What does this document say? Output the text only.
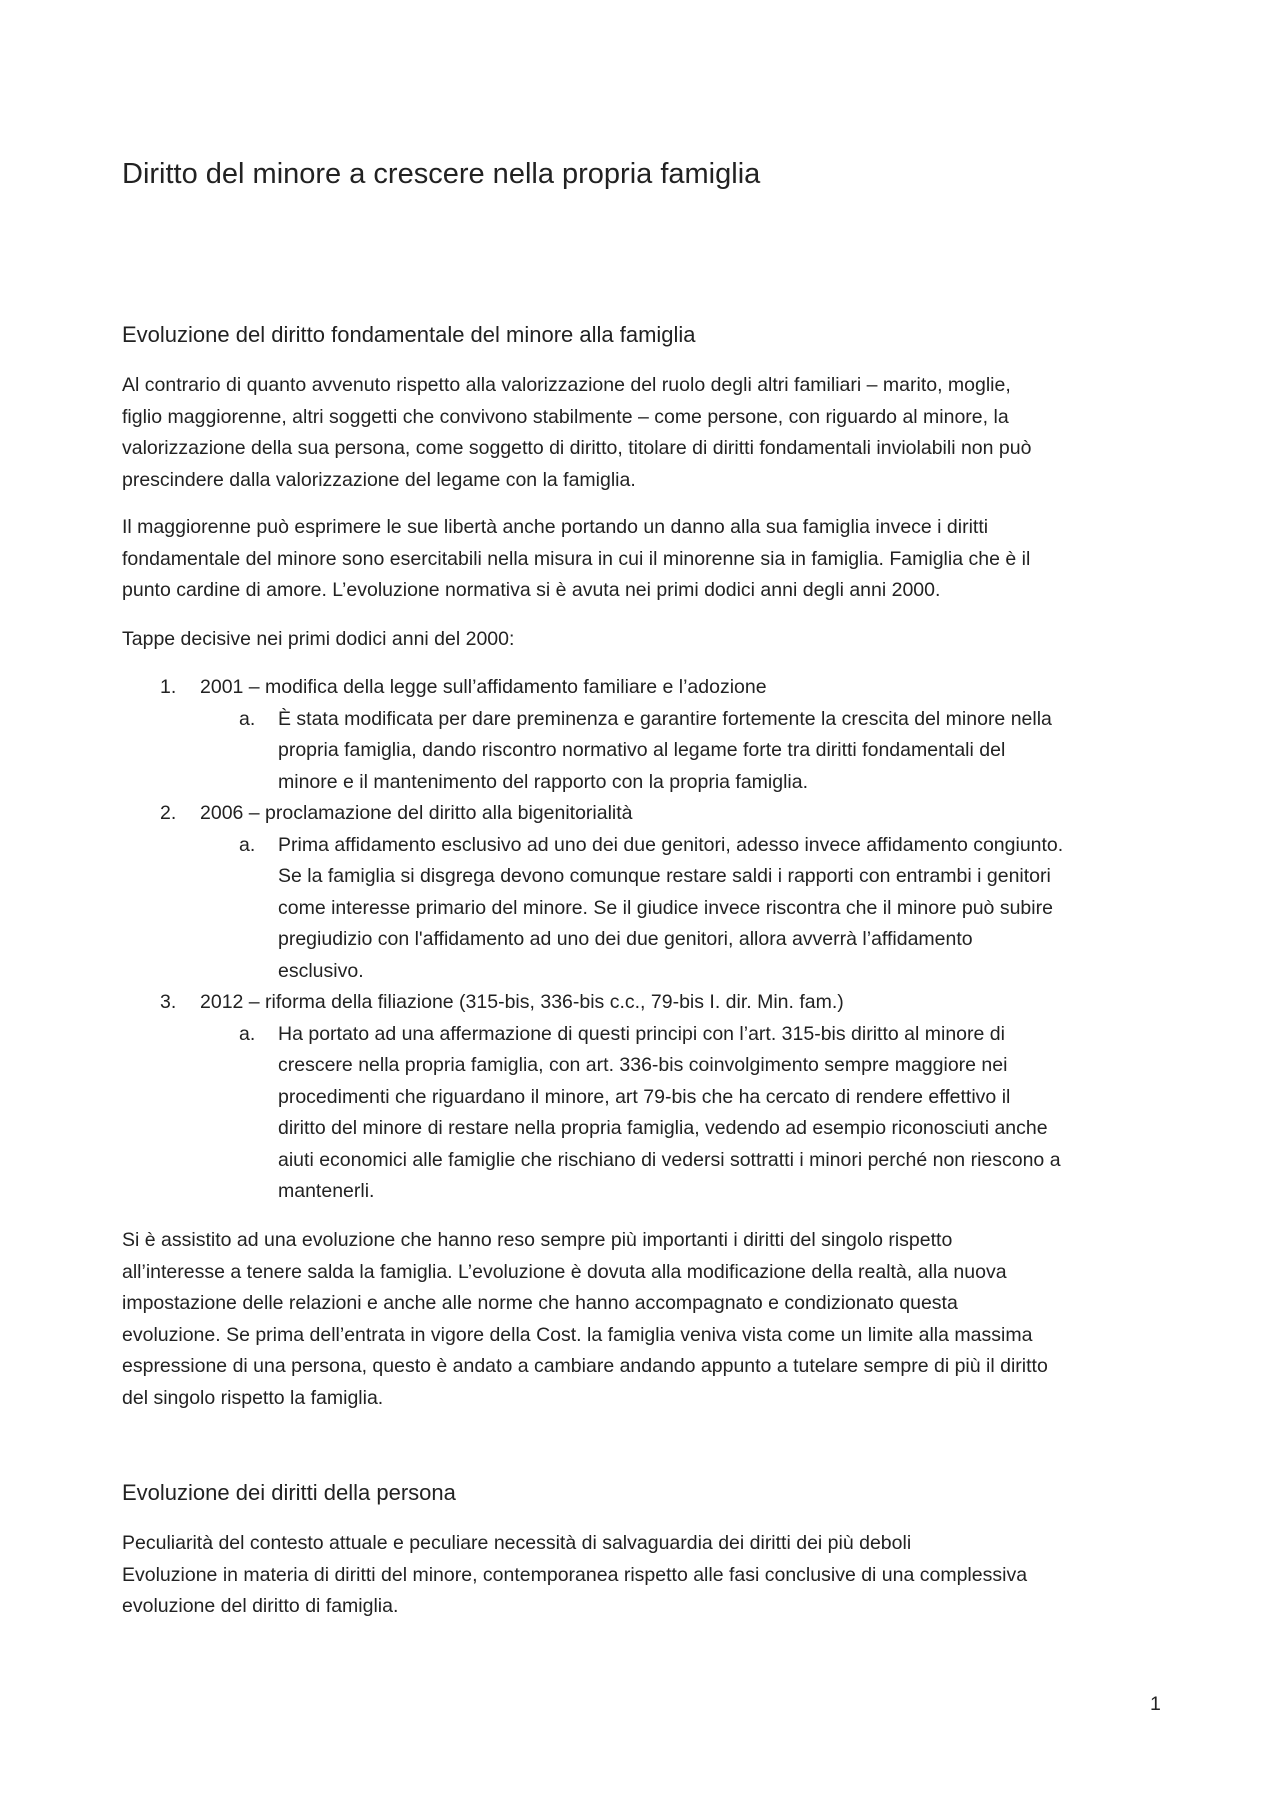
Diritto del minore a crescere nella propria famiglia
Evoluzione del diritto fondamentale del minore alla famiglia

Al contrario di quanto avvenuto rispetto alla valorizzazione del ruolo degli altri familiari – marito, moglie,
figlio maggiorenne, altri soggetti che convivono stabilmente – come persone, con riguardo al minore, la
valorizzazione della sua persona, come soggetto di diritto, titolare di diritti fondamentali inviolabili non può
prescindere dalla valorizzazione del legame con la famiglia.

Il maggiorenne può esprimere le sue libertà anche portando un danno alla sua famiglia invece i diritti
fondamentale del minore sono esercitabili nella misura in cui il minorenne sia in famiglia. Famiglia che è il
punto cardine di amore. L’evoluzione normativa si è avuta nei primi dodici anni degli anni 2000.

Tappe decisive nei primi dodici anni del 2000:

1.	2001 – modifica della legge sull’affidamento familiare e l’adozione
a. È stata modificata per dare preminenza e garantire fortemente la crescita del minore nella
propria famiglia, dando riscontro normativo al legame forte tra diritti fondamentali del
minore e il mantenimento del rapporto con la propria famiglia.
2.	2006 – proclamazione del diritto alla bigenitorialità
a. Prima affidamento esclusivo ad uno dei due genitori, adesso invece affidamento congiunto.
Se la famiglia si disgrega devono comunque restare saldi i rapporti con entrambi i genitori
come interesse primario del minore. Se il giudice invece riscontra che il minore può subire
pregiudizio con l'affidamento ad uno dei due genitori, allora avverrà l’affidamento
esclusivo.
3.	2012 – riforma della filiazione (315-bis, 336-bis c.c., 79-bis I. dir. Min. fam.)
a. Ha portato ad una affermazione di questi principi con l’art. 315-bis diritto al minore di
crescere nella propria famiglia, con art. 336-bis coinvolgimento sempre maggiore nei
procedimenti che riguardano il minore, art 79-bis che ha cercato di rendere effettivo il
diritto del minore di restare nella propria famiglia, vedendo ad esempio riconosciuti anche
aiuti economici alle famiglie che rischiano di vedersi sottratti i minori perché non riescono a
mantenerli.

Si è assistito ad una evoluzione che hanno reso sempre più importanti i diritti del singolo rispetto
all’interesse a tenere salda la famiglia. L’evoluzione è dovuta alla modificazione della realtà, alla nuova
impostazione delle relazioni e anche alle norme che hanno accompagnato e condizionato questa
evoluzione. Se prima dell’entrata in vigore della Cost. la famiglia veniva vista come un limite alla massima
espressione di una persona, questo è andato a cambiare andando appunto a tutelare sempre di più il diritto
del singolo rispetto la famiglia.

Evoluzione dei diritti della persona

Peculiarità del contesto attuale e peculiare necessità di salvaguardia dei diritti dei più deboli
Evoluzione in materia di diritti del minore, contemporanea rispetto alle fasi conclusive di una complessiva
evoluzione del diritto di famiglia.

1
